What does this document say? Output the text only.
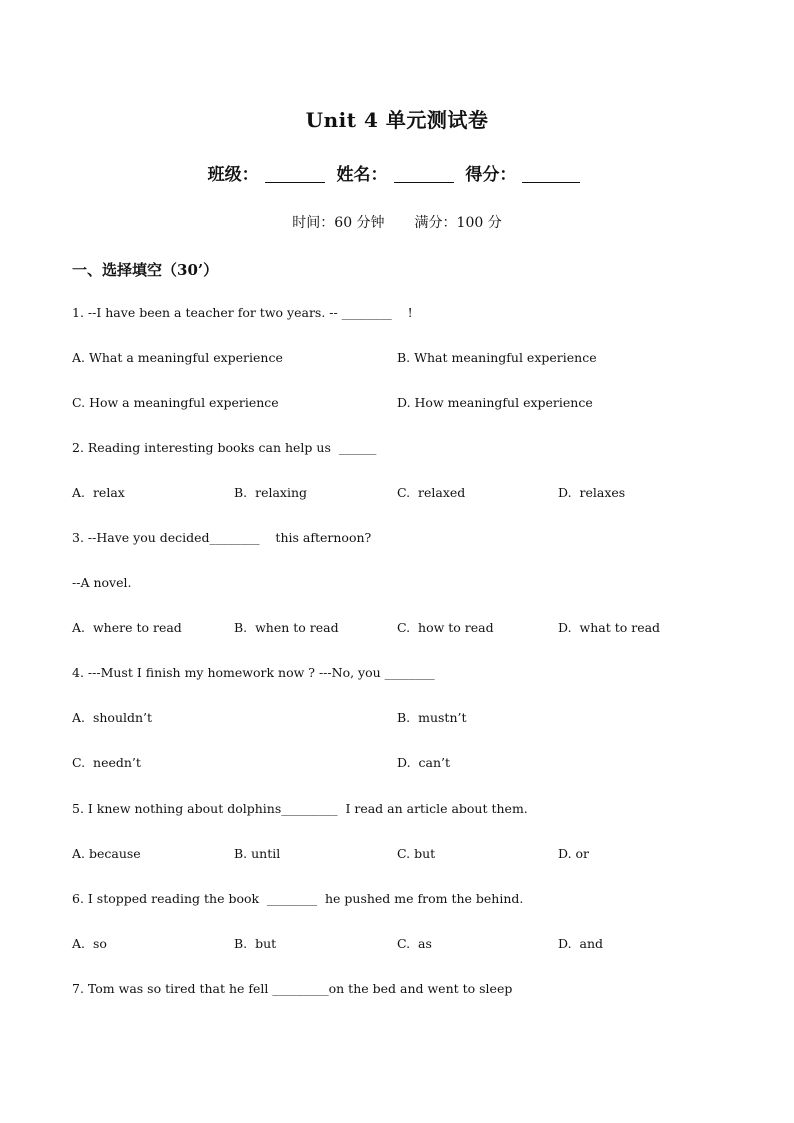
Unit 4 单元测试卷
班级：	姓名：	得分：
时间：60 分钟 满分：100 分
一、选择填空（30’）
1. --I have been a teacher for two years. -- ________    !
A. What a meaningful experience	B. What meaningful experience
C. How a meaningful experience	D. How meaningful experience
2. Reading interesting books can help us  ______
A.  relax	B.  relaxing	C.  relaxed	D.  relaxes
3. --Have you decided________    this afternoon?
--A novel.
A.  where to read	B.  when to read	C.  how to read	D.  what to read
4. ---Must I finish my homework now ? ---No, you ________
A.  shouldn’t	B.  mustn’t
C.  needn’t	D.  can’t
5. I knew nothing about dolphins_________  I read an article about them.
A. because	B. until	C. but	D. or
6. I stopped reading the book  ________  he pushed me from the behind.
A.  so	B.  but	C.  as	D.  and
7. Tom was so tired that he fell _________on the bed and went to sleep
